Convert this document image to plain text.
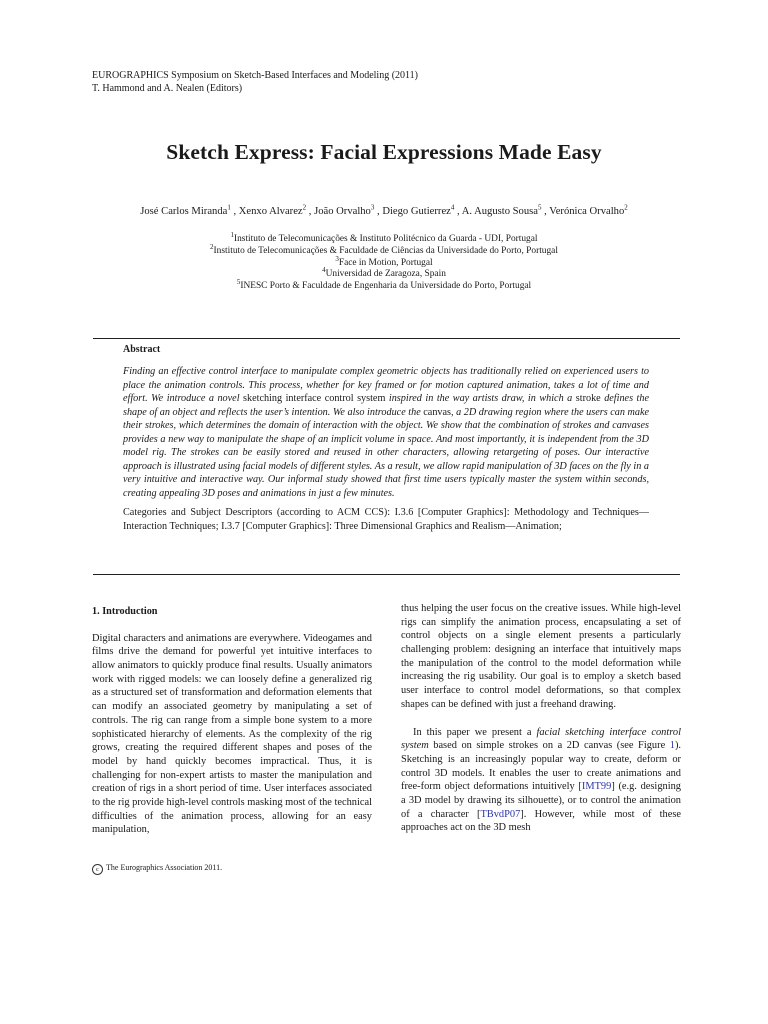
EUROGRAPHICS Symposium on Sketch-Based Interfaces and Modeling (2011)
T. Hammond and A. Nealen (Editors)
Sketch Express: Facial Expressions Made Easy
José Carlos Miranda$^1$ , Xenxo Alvarez$^2$ , João Orvalho$^3$ , Diego Gutierrez$^4$ , A. Augusto Sousa$^5$ , Verónica Orvalho$^2$
$^1$Instituto de Telecomunicações & Instituto Politécnico da Guarda - UDI, Portugal
$^2$Instituto de Telecomunicações & Faculdade de Ciências da Universidade do Porto, Portugal
$^3$Face in Motion, Portugal
$^4$Universidad de Zaragoza, Spain
$^5$INESC Porto & Faculdade de Engenharia da Universidade do Porto, Portugal
Abstract

Finding an effective control interface to manipulate complex geometric objects has traditionally relied on experienced users to place the animation controls. This process, whether for key framed or for motion captured animation, takes a lot of time and effort. We introduce a novel sketching interface control system inspired in the way artists draw, in which a stroke defines the shape of an object and reflects the user’s intention. We also introduce the canvas, a 2D drawing region where the users can make their strokes, which determines the domain of interaction with the object. We show that the combination of strokes and canvases provides a new way to manipulate the shape of an implicit volume in space. And most importantly, it is independent from the 3D model rig. The strokes can be easily stored and reused in other characters, allowing retargeting of poses. Our interactive approach is illustrated using facial models of different styles. As a result, we allow rapid manipulation of 3D faces on the fly in a very intuitive and interactive way. Our informal study showed that first time users typically master the system within seconds, creating appealing 3D poses and animations in just a few minutes.

Categories and Subject Descriptors (according to ACM CCS): I.3.6 [Computer Graphics]: Methodology and Techniques—Interaction Techniques; I.3.7 [Computer Graphics]: Three Dimensional Graphics and Realism—Animation;
1. Introduction

Digital characters and animations are everywhere. Videogames and films drive the demand for powerful yet intuitive interfaces to allow animators to quickly produce final results. Usually animators work with rigged models: we can loosely define a generalized rig as a structured set of transformation and deformation elements that can modify an associated geometry by manipulating a set of controls. The rig can range from a simple bone system to a more sophisticated hierarchy of elements. As the complexity of the rig grows, creating the required different shapes and poses of the model by hand quickly becomes impractical. Thus, it is challenging for non-expert artists to master the manipulation and creation of rigs in a short period of time. User interfaces associated to the rig provide high-level controls masking most of the technical difficulties of the animation process, allowing for an easy manipulation,

thus helping the user focus on the creative issues. While high-level rigs can simplify the animation process, encapsulating a set of control objects on a single element presents a particularly challenging problem: designing an interface that intuitively maps the manipulation of the control to the model deformation while increasing the rig usability. Our goal is to employ a sketch based user interface to control model deformations, so that complex shapes can be defined with just a freehand drawing.

In this paper we present a facial sketching interface control system based on simple strokes on a 2D canvas (see Figure 1). Sketching is an increasingly popular way to create, deform or control 3D models. It enables the user to create animations and free-form object deformations intuitively [IMT99] (e.g. designing a 3D model by drawing its silhouette), or to control the animation of a character [TBvdP07]. However, while most of these approaches act on the 3D mesh

c The Eurographics Association 2011.
